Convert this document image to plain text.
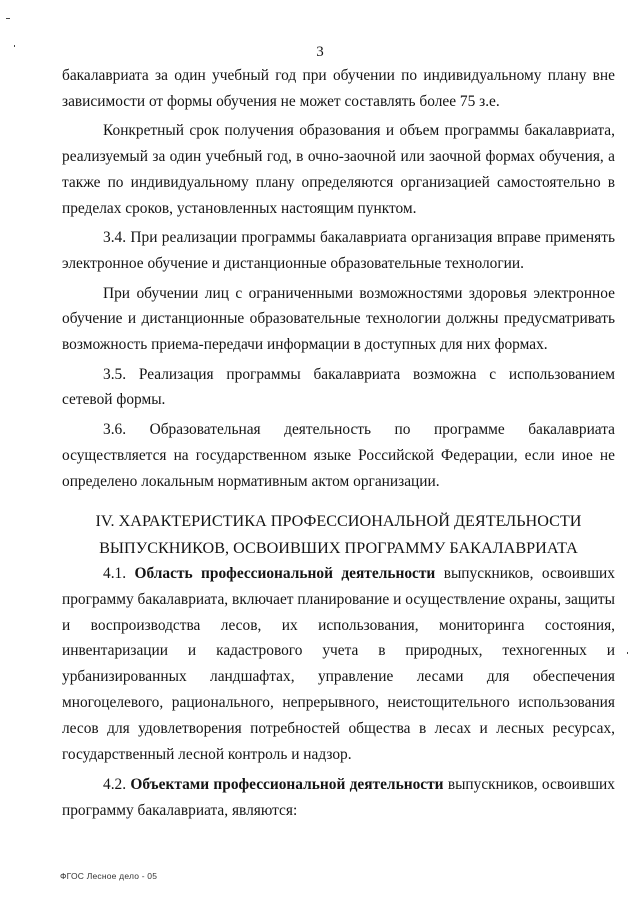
3

бакалавриата за один учебный год при обучении по индивидуальному плану вне зависимости от формы обучения не может составлять более 75 з.е.

Конкретный срок получения образования и объем программы бакалавриата, реализуемый за один учебный год, в очно-заочной или заочной формах обучения, а также по индивидуальному плану определяются организацией самостоятельно в пределах сроков, установленных настоящим пунктом.

3.4. При реализации программы бакалавриата организация вправе применять электронное обучение и дистанционные образовательные технологии.

При обучении лиц с ограниченными возможностями здоровья электронное обучение и дистанционные образовательные технологии должны предусматривать возможность приема-передачи информации в доступных для них формах.

3.5. Реализация программы бакалавриата возможна с использованием сетевой формы.

3.6. Образовательная деятельность по программе бакалавриата осуществляется на государственном языке Российской Федерации, если иное не определено локальным нормативным актом организации.

IV. ХАРАКТЕРИСТИКА ПРОФЕССИОНАЛЬНОЙ ДЕЯТЕЛЬНОСТИ
ВЫПУСКНИКОВ, ОСВОИВШИХ ПРОГРАММУ БАКАЛАВРИАТА

4.1. Область профессиональной деятельности выпускников, освоивших программу бакалавриата, включает планирование и осуществление охраны, защиты и воспроизводства лесов, их использования, мониторинга состояния, инвентаризации и кадастрового учета в природных, техногенных и урбанизированных ландшафтах, управление лесами для обеспечения многоцелевого, рационального, непрерывного, неистощительного использования лесов для удовлетворения потребностей общества в лесах и лесных ресурсах, государственный лесной контроль и надзор.

4.2. Объектами профессиональной деятельности выпускников, освоивших программу бакалавриата, являются:

ФГОС Лесное дело - 05
